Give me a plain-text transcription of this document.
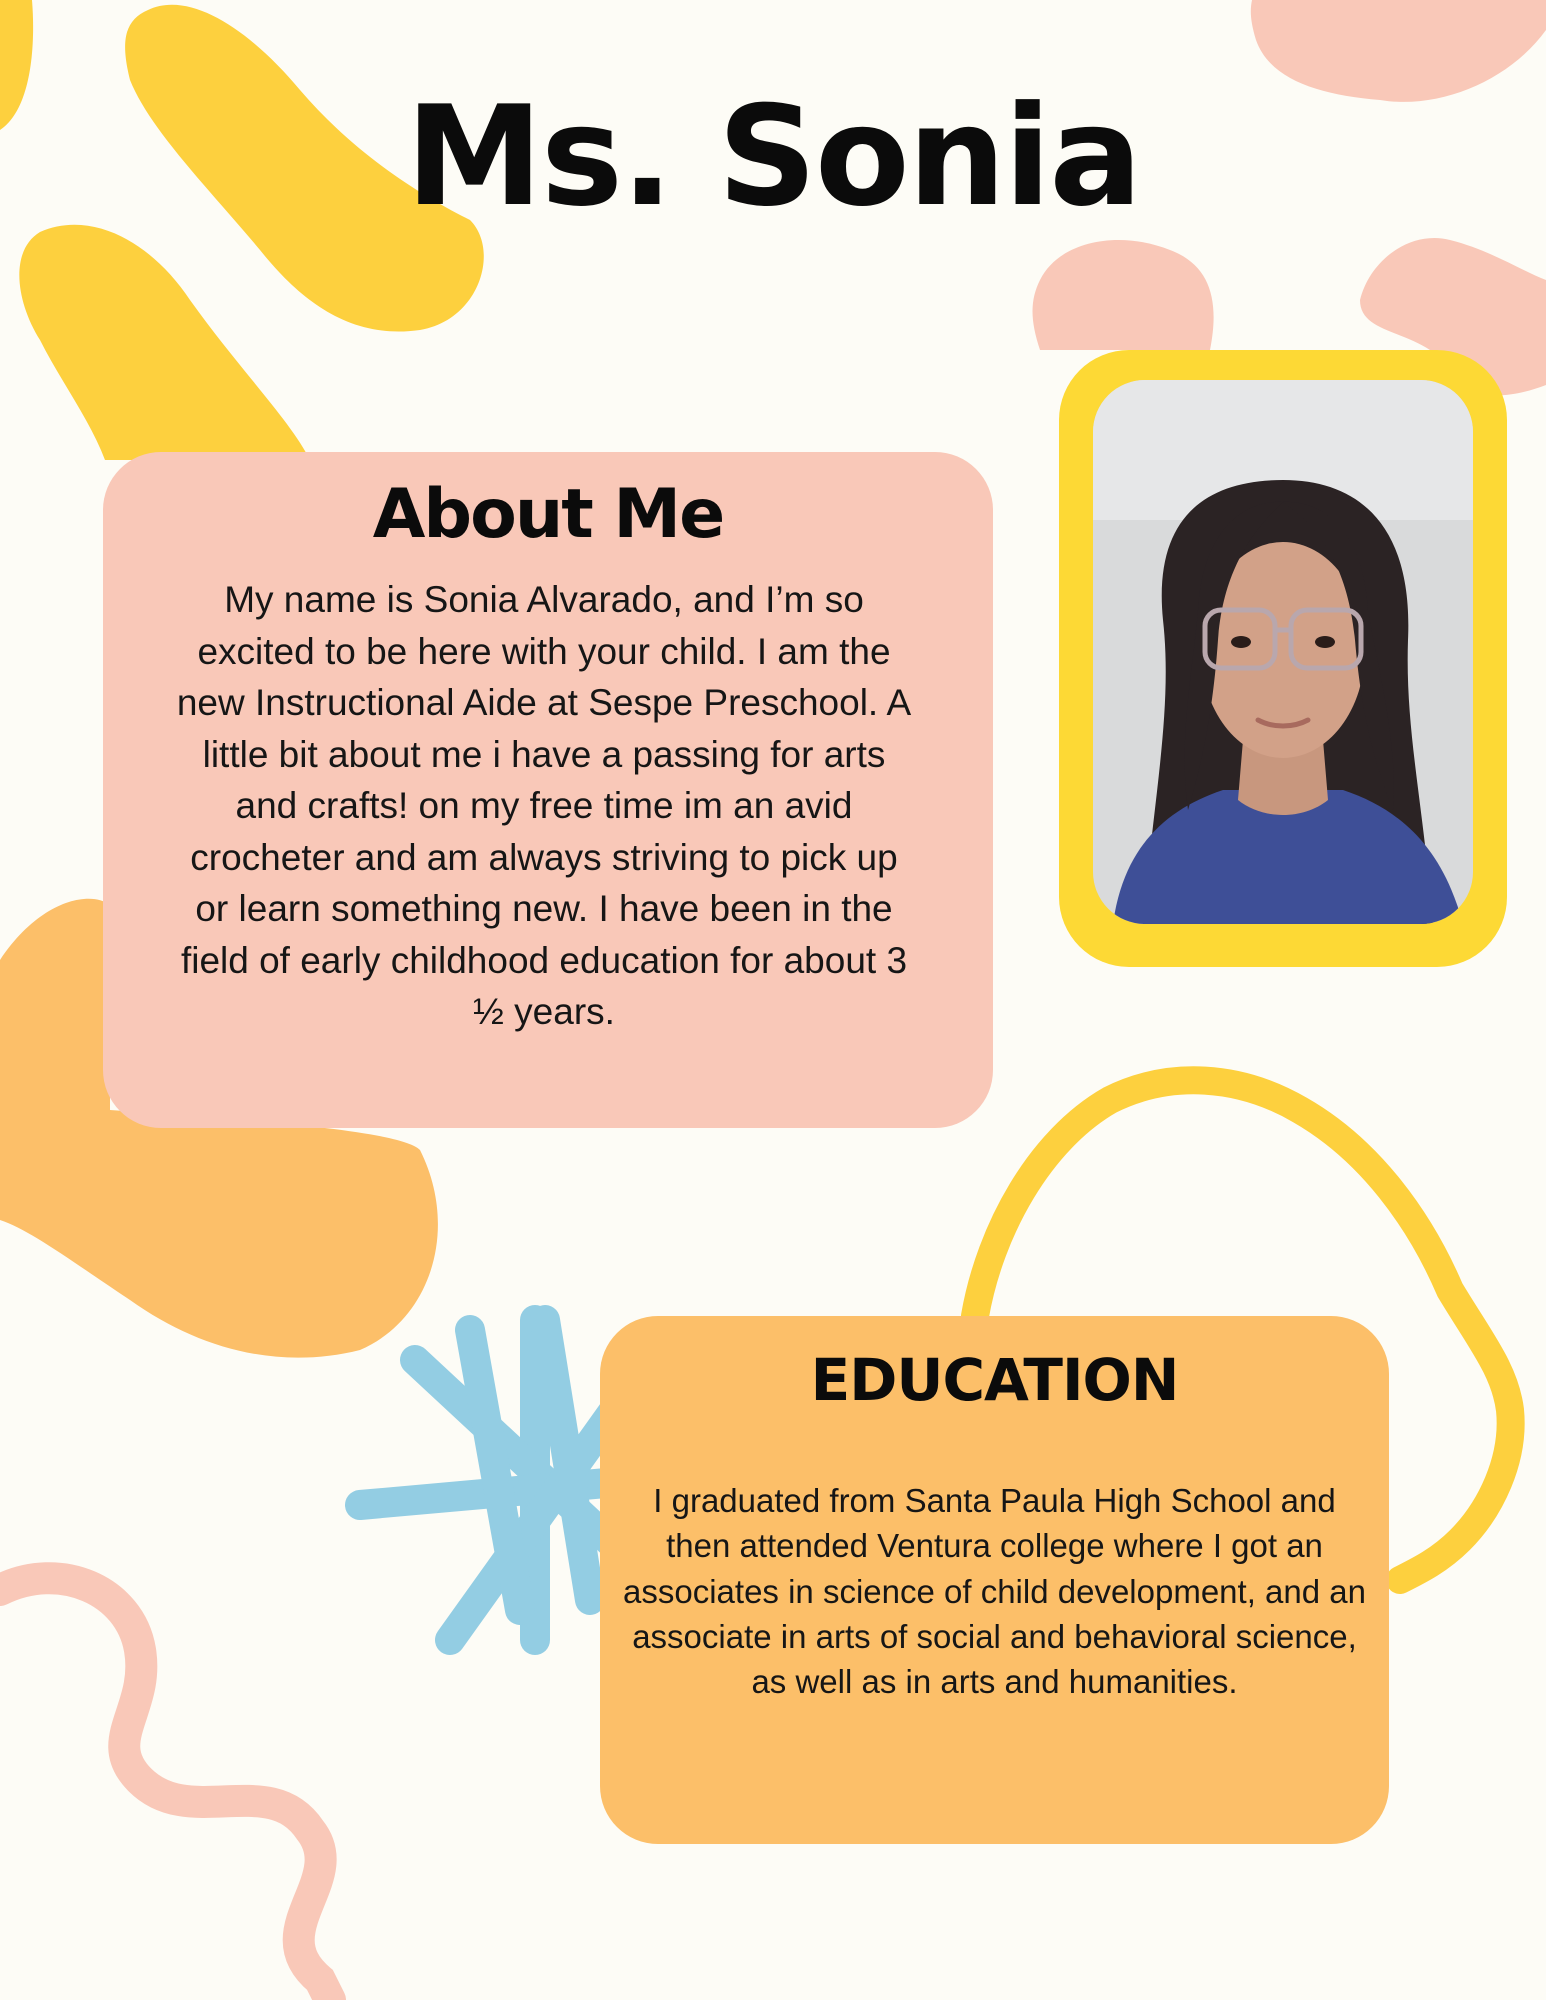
Ms. Sonia
About Me

My name is Sonia Alvarado, and I’m so excited to be here with your child. I am the new Instructional Aide at Sespe Preschool. A little bit about me i have a passing for arts and crafts! on my free time im an avid crocheter and am always striving to pick up or learn something new. I have been in the field of early childhood education for about 3 ½ years.

EDUCATION

I graduated from Santa Paula High School and then attended Ventura college where I got an associates in science of child development, and an associate in arts of social and behavioral science, as well as in arts and humanities.
